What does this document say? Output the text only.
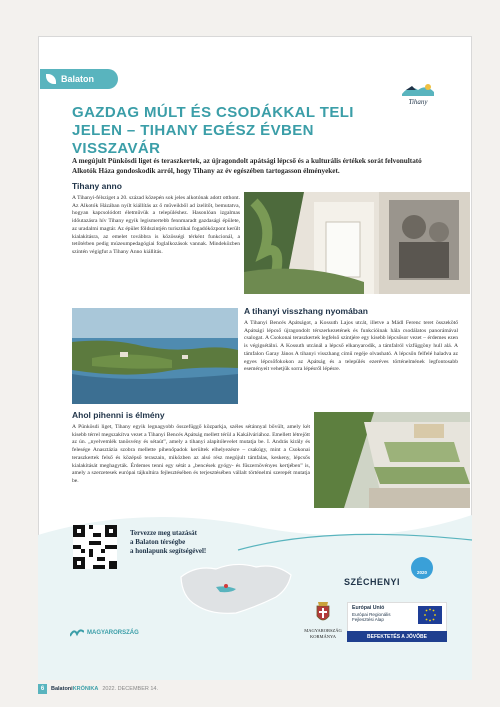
Balaton
Tihany
GAZDAG MÚLT ÉS CSODÁKKAL TELI JELEN – TIHANY EGÉSZ ÉVBEN VISSZAVÁR

A megújult Pünkösdi liget és teraszkertek, az újragondolt apátsági lépcső és a kulturális értékek sorát felvonultató Alkotók Háza gondoskodik arról, hogy Tihany az év egészében tartogasson élményeket.

Tihany anno

A Tihanyi-félsziget a 20. század közepén sok jeles alkotónak adott otthont. Az Alkotók Házában nyílt kiállítás az ő műveikből ad ízelítőt, bemutatva, hogyan kapcsolódott életművük a településhez. Hasonlóan izgalmas időutazásra hív Tihany egyik legismertebb fennmaradt gazdasági épülete, az uradalmi magtár. Az épület földszintjén turisztikai fogadóközpont került kialakításra, az emelet továbbra is közösségi térként funkcionál, a tetőtérben pedig múzeumpedagógiai foglalkozások vannak. Mindeközben szintén végigfut a Tihany Anno kiállítás.

A tihanyi visszhang nyomában

A Tihanyi Bencés Apátságot, a Kossuth Lajos utcát, illetve a Mádl Ferenc teret összekötő Apátsági lépcső újragondolt térszerkezetének és funkcióinak hála csodálatos panorámával csalogat. A Csokonai teraszkertek legfelső szintjére egy kisebb lépcsősor vezet – érdemes ezen is végigsétálni. A Kossuth utcánál a lépcső elkanyarodik, a támfalról vízfüggöny hull alá. A támfalon Garay János A tihanyi visszhang című regéje olvasható. A lépcsőn felfelé haladva az egyes lépcsőfokokon az Apátság és a település ezeréves történelmének legfontosabb eseményeit vehetjük sorra lépésről lépésre.

Ahol pihenni is élmény

A Pünkösdi liget, Tihany egyik legnagyobb összefüggő közparkja, széles sétánnyal bővült, amely két kisebb térrel megszakítva vezet a Tihanyi Bencés Apátság mellett térül a Kakálváriához. Emellett létrejött az ún. „nyelvemlék tanösvény és sétaút”, amely a tihanyi alapítólevelet mutatja be. I. András király és felesége Anasztázia szobra mellette pihenőpadok kerültek elhelyezésre – csakúgy, mint a Csokonai teraszkertek felső és középső teraszain, miközben az alsó rész megújult támfalas, keskeny, lépcsős kialakítását meghagyták. Érdemes tenni egy sétát a „bencések gyógy- és fűszernövényes kertjében” is, amely a szerzetesek európai tájkultúra fejlesztésében és terjesztésében vállalt történelmi szerepét mutatja be.

Tervezze meg utazását
a Balaton térségbe
a honlapunk segítségével!
MAGYARORSZÁG
SZÉCHENYI
2020
MAGYARORSZÁG
KORMÁNYA
Európai Unió
Európai Regionális
Fejlesztési Alap
BEFEKTETÉS A JÖVŐBE
6	BalatoniKRÓNIKA 2022. DECEMBER 14.
